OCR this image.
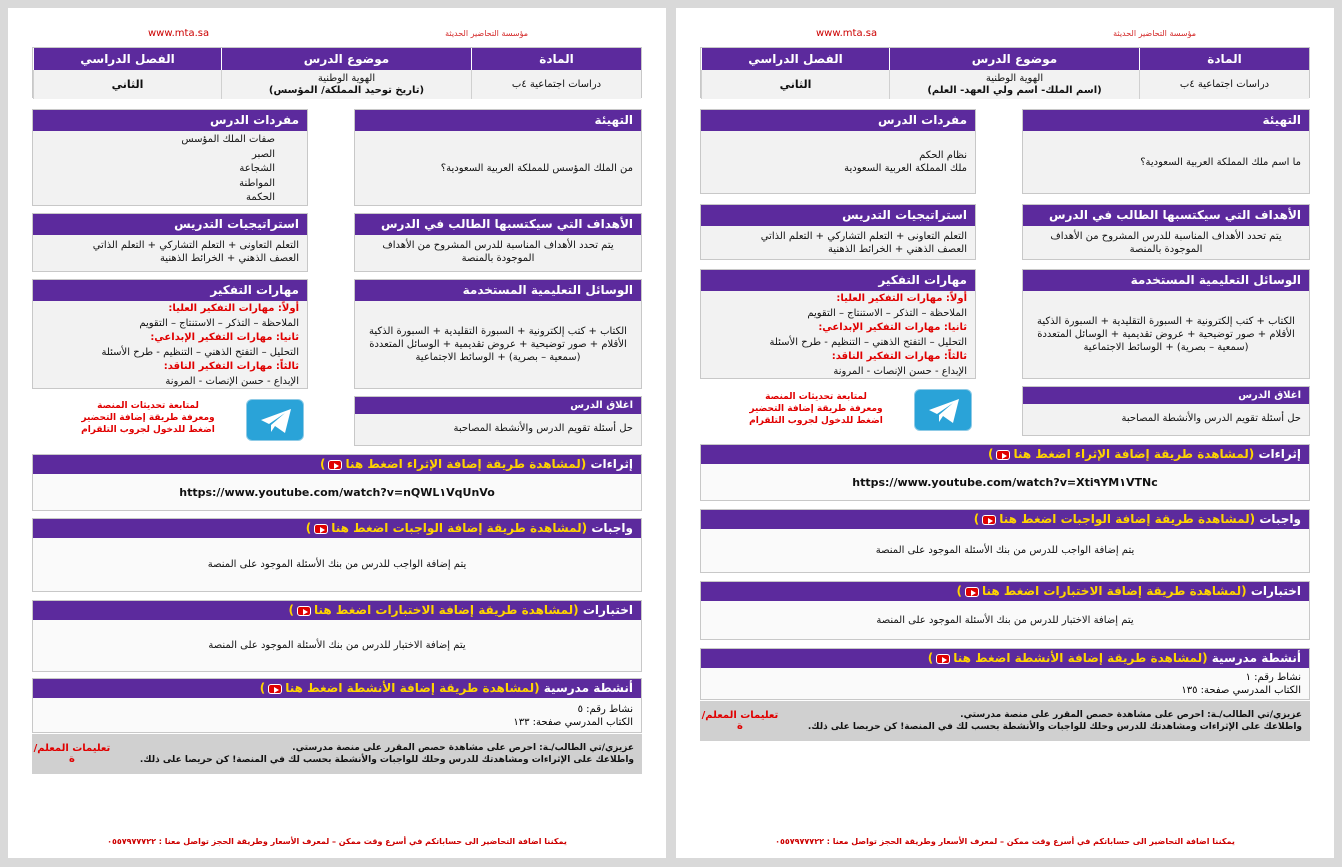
مؤسسة التحاضير الحديثة
www.mta.sa
المادة
موضوع الدرس
الفصل الدراسي
دراسات اجتماعية ٤ب
الهوية الوطنية
(اسم الملك- اسم ولي العهد- العلم)
الثاني
التهيئة
ما اسم ملك المملكة العربية السعودية؟
مفردات الدرس
نظام الحكم
ملك المملكة العربية السعودية
الأهداف التي سيكتسبها الطالب في الدرس
يتم تحدد الأهداف المناسبة للدرس المشروح من الأهداف الموجودة بالمنصة
استراتيجيات التدريس
التعلم التعاونى + التعلم التشاركي + التعلم الذاتي
العصف الذهني + الخرائط الذهنية
الوسائل التعليمية المستخدمة
الكتاب + كتب إلكترونية + السبورة التقليدية + السبورة الذكية
الأقلام + صور توضيحية + عروض تقديمية + الوسائل المتعددة
(سمعية – بصرية) + الوسائط الاجتماعية
مهارات التفكير
أولاً: مهارات التفكير العليا:
الملاحظة – التذكر – الاستنتاج – التقويم
ثانيا: مهارات التفكير الإبداعي:
التحليل – التفتح الذهني – التنظيم - طرح الأسئلة
ثالثاً: مهارات التفكير الناقد:
الإبداع - حسن الإنصات - المرونة
اغلاق الدرس
حل أسئلة تقويم الدرس والأنشطة المصاحبة
لمتابعة تحديثات المنصة
ومعرفة طريقة إضافة التحضير
اضغط للدخول لجروب التلقرام
إثراءات (لمشاهدة طريقة إضافة الإثراء اضغط هنا)
https://www.youtube.com/watch?v=Xti٩YM١VTNc
واجبات (لمشاهدة طريقة إضافة الواجبات اضغط هنا)
يتم إضافة الواجب للدرس من بنك الأسئلة الموجود على المنصة
اختبارات (لمشاهدة طريقة إضافة الاختبارات اضغط هنا)
يتم إضافة الاختبار للدرس من بنك الأسئلة الموجود على المنصة
أنشطة مدرسية (لمشاهدة طريقة إضافة الأنشطة اضغط هنا)
نشاط رقم: ١
الكتاب المدرسي صفحة: ١٣٥
عزيزي/تي الطالب/ـة: احرص على مشاهدة حصص المقرر على منصة مدرستي.
واطلاعك على الإثراءات ومشاهدتك للدرس وحلك للواجبات والأنشطة بحسب لك في المنصة! كن حريصا على ذلك.
تعليمات المعلم/ة
يمكننا اضافة التحاضير الى حساباتكم في أسرع وقت ممكن – لمعرف الأسعار وطريقة الحجز تواصل معنا : ٠٥٥٧٩٧٧٧٢٢
مؤسسة التحاضير الحديثة
www.mta.sa
المادة
موضوع الدرس
الفصل الدراسي
دراسات اجتماعية ٤ب
الهوية الوطنية
(تاريخ توحيد المملكة/ المؤسس)
الثاني
التهيئة
من الملك المؤسس للمملكة العربية السعودية؟
مفردات الدرس
صفات الملك المؤسس
الصبر
الشجاعة
المواطنة
الحكمة
الأهداف التي سيكتسبها الطالب في الدرس
يتم تحدد الأهداف المناسبة للدرس المشروح من الأهداف الموجودة بالمنصة
استراتيجيات التدريس
التعلم التعاونى + التعلم التشاركي + التعلم الذاتي
العصف الذهني + الخرائط الذهنية
الوسائل التعليمية المستخدمة
الكتاب + كتب إلكترونية + السبورة التقليدية + السبورة الذكية
الأقلام + صور توضيحية + عروض تقديمية + الوسائل المتعددة
(سمعية – بصرية) + الوسائط الاجتماعية
مهارات التفكير
أولاً: مهارات التفكير العليا:
الملاحظة – التذكر – الاستنتاج – التقويم
ثانيا: مهارات التفكير الإبداعي:
التحليل – التفتح الذهني – التنظيم - طرح الأسئلة
ثالثاً: مهارات التفكير الناقد:
الإبداع - حسن الإنصات - المرونة
اغلاق الدرس
حل أسئلة تقويم الدرس والأنشطة المصاحبة
لمتابعة تحديثات المنصة
ومعرفة طريقة إضافة التحضير
اضغط للدخول لجروب التلقرام
إثراءات (لمشاهدة طريقة إضافة الإثراء اضغط هنا)
https://www.youtube.com/watch?v=nQWL١VqUnVo
واجبات (لمشاهدة طريقة إضافة الواجبات اضغط هنا)
يتم إضافة الواجب للدرس من بنك الأسئلة الموجود على المنصة
اختبارات (لمشاهدة طريقة إضافة الاختبارات اضغط هنا)
يتم إضافة الاختبار للدرس من بنك الأسئلة الموجود على المنصة
أنشطة مدرسية (لمشاهدة طريقة إضافة الأنشطة اضغط هنا)
نشاط رقم: ٥
الكتاب المدرسي صفحة: ١٣٣
عزيزي/تي الطالب/ـة: احرص على مشاهدة حصص المقرر على منصة مدرستي.
واطلاعك على الإثراءات ومشاهدتك للدرس وحلك للواجبات والأنشطة بحسب لك في المنصة! كن حريصا على ذلك.
تعليمات المعلم/ة
يمكننا اضافة التحاضير الى حساباتكم في أسرع وقت ممكن – لمعرف الأسعار وطريقة الحجز تواصل معنا : ٠٥٥٧٩٧٧٧٢٢
